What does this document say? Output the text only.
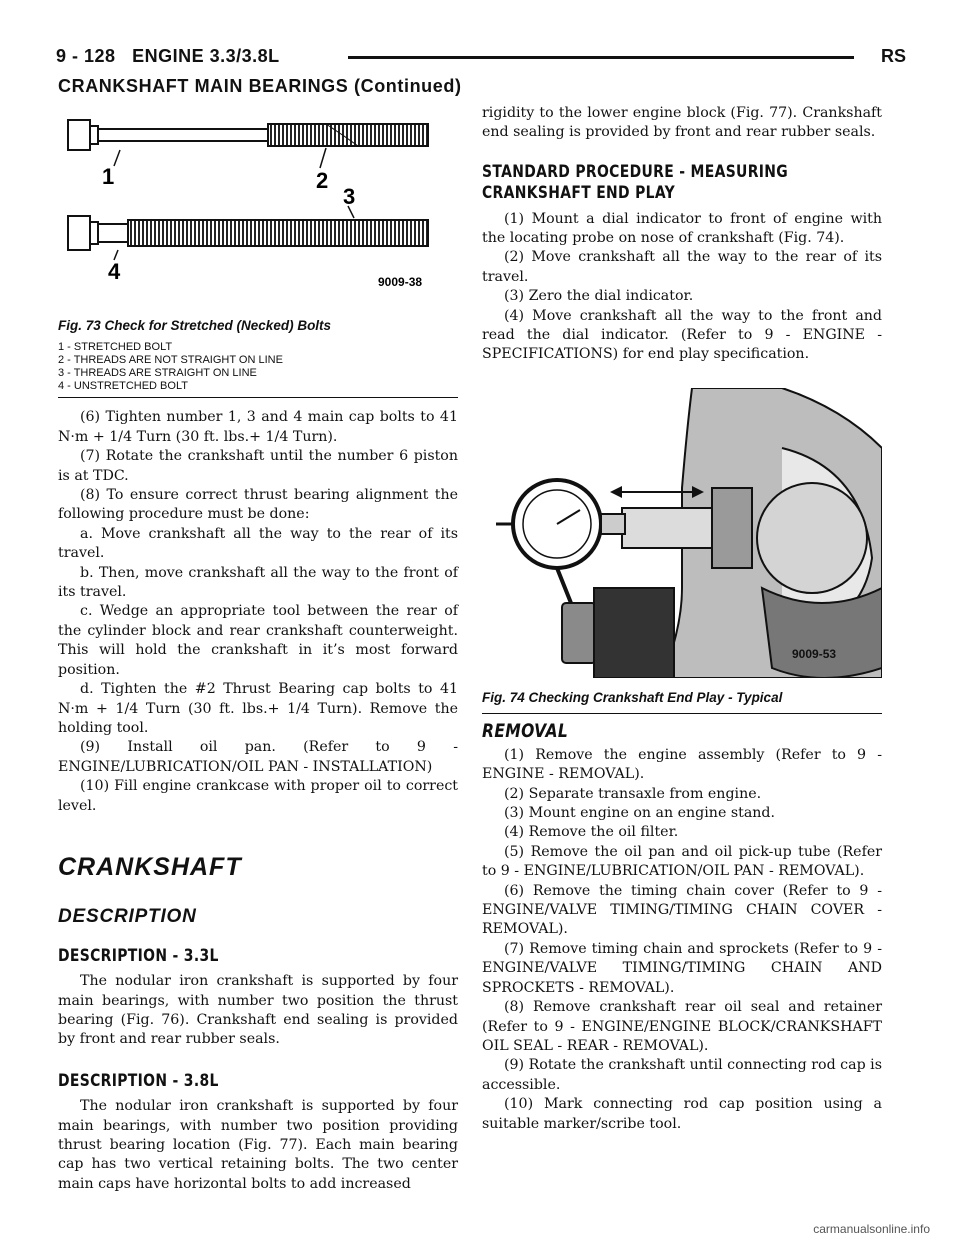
9 - 128 ENGINE 3.3/3.8L	RS
CRANKSHAFT MAIN BEARINGS (Continued)
1	2
3
4	9009-38
Fig. 73 Check for Stretched (Necked) Bolts
1 - STRETCHED BOLT
2 - THREADS ARE NOT STRAIGHT ON LINE
3 - THREADS ARE STRAIGHT ON LINE
4 - UNSTRETCHED BOLT

(6) Tighten number 1, 3 and 4 main cap bolts to 41 N·m + 1/4 Turn (30 ft. lbs.+ 1/4 Turn).

(7) Rotate the crankshaft until the number 6 piston is at TDC.

(8) To ensure correct thrust bearing alignment the following procedure must be done:

a. Move crankshaft all the way to the rear of its travel.

b. Then, move crankshaft all the way to the front of its travel.

c. Wedge an appropriate tool between the rear of the cylinder block and rear crankshaft counterweight. This will hold the crankshaft in it’s most forward position.

d. Tighten the #2 Thrust Bearing cap bolts to 41 N·m + 1/4 Turn (30 ft. lbs.+ 1/4 Turn). Remove the holding tool.

(9) Install oil pan. (Refer to 9 - ENGINE/LUBRICATION/OIL PAN - INSTALLATION)

(10) Fill engine crankcase with proper oil to correct level.

CRANKSHAFT
DESCRIPTION
DESCRIPTION - 3.3L

The nodular iron crankshaft is supported by four main bearings, with number two position the thrust bearing (Fig. 76). Crankshaft end sealing is provided by front and rear rubber seals.

DESCRIPTION - 3.8L

The nodular iron crankshaft is supported by four main bearings, with number two position providing thrust bearing location (Fig. 77). Each main bearing cap has two vertical retaining bolts. The two center main caps have horizontal bolts to add increased

rigidity to the lower engine block (Fig. 77). Crankshaft end sealing is provided by front and rear rubber seals.

STANDARD PROCEDURE - MEASURING
CRANKSHAFT END PLAY

(1) Mount a dial indicator to front of engine with the locating probe on nose of crankshaft (Fig. 74).

(2) Move crankshaft all the way to the rear of its travel.

(3) Zero the dial indicator.

(4) Move crankshaft all the way to the front and read the dial indicator. (Refer to 9 - ENGINE - SPECIFICATIONS) for end play specification.

9009-53
Fig. 74 Checking Crankshaft End Play - Typical
REMOVAL

(1) Remove the engine assembly (Refer to 9 - ENGINE - REMOVAL).

(2) Separate transaxle from engine.

(3) Mount engine on an engine stand.

(4) Remove the oil filter.

(5) Remove the oil pan and oil pick-up tube (Refer to 9 - ENGINE/LUBRICATION/OIL PAN - REMOVAL).

(6) Remove the timing chain cover (Refer to 9 - ENGINE/VALVE TIMING/TIMING CHAIN COVER - REMOVAL).

(7) Remove timing chain and sprockets (Refer to 9 - ENGINE/VALVE TIMING/TIMING CHAIN AND SPROCKETS - REMOVAL).

(8) Remove crankshaft rear oil seal and retainer (Refer to 9 - ENGINE/ENGINE BLOCK/CRANKSHAFT OIL SEAL - REAR - REMOVAL).

(9) Rotate the crankshaft until connecting rod cap is accessible.

(10) Mark connecting rod cap position using a suitable marker/scribe tool.

carmanualsonline.info
